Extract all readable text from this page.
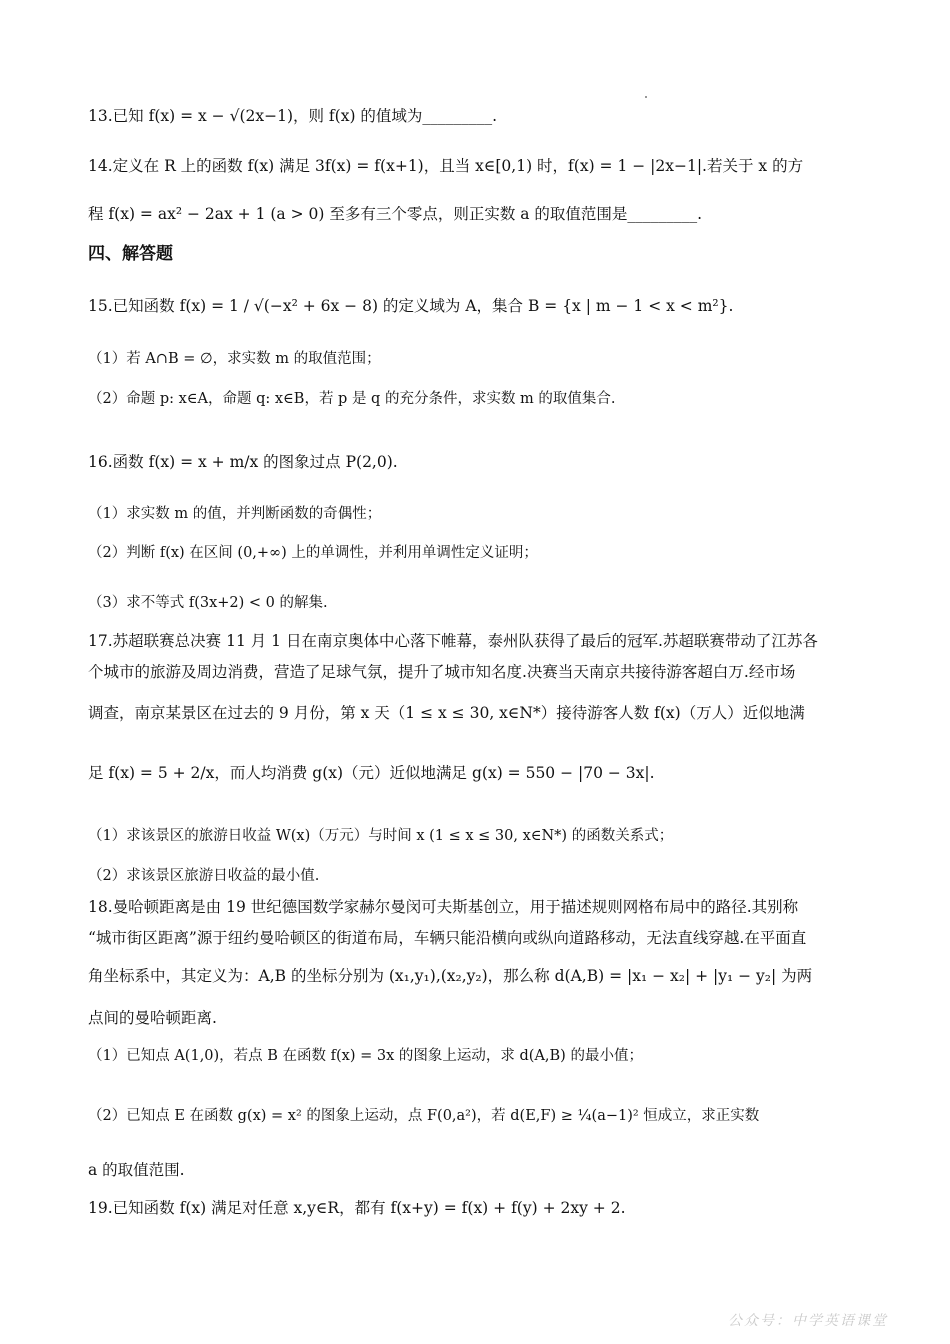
13.已知 f(x) = x − √(2x−1)，则 f(x) 的值域为_________.
14.定义在 R 上的函数 f(x) 满足 3f(x) = f(x+1)，且当 x∈[0,1) 时，f(x) = 1 − |2x−1|.若关于 x 的方
程 f(x) = ax² − 2ax + 1 (a > 0) 至多有三个零点，则正实数 a 的取值范围是_________.
四、解答题
15.已知函数 f(x) = 1 / √(−x² + 6x − 8) 的定义域为 A，集合 B = {x | m − 1 < x < m²}.
（1）若 A∩B = ∅，求实数 m 的取值范围；
（2）命题 p: x∈A，命题 q: x∈B，若 p 是 q 的充分条件，求实数 m 的取值集合.
16.函数 f(x) = x + m/x 的图象过点 P(2,0).
（1）求实数 m 的值，并判断函数的奇偶性；
（2）判断 f(x) 在区间 (0,+∞) 上的单调性，并利用单调性定义证明；
（3）求不等式 f(3x+2) < 0 的解集.
17.苏超联赛总决赛 11 月 1 日在南京奥体中心落下帷幕，泰州队获得了最后的冠军.苏超联赛带动了江苏各
个城市的旅游及周边消费，营造了足球气氛，提升了城市知名度.决赛当天南京共接待游客超白万.经市场
调查，南京某景区在过去的 9 月份，第 x 天（1 ≤ x ≤ 30, x∈N*）接待游客人数 f(x)（万人）近似地满
足 f(x) = 5 + 2/x，而人均消费 g(x)（元）近似地满足 g(x) = 550 − |70 − 3x|.
（1）求该景区的旅游日收益 W(x)（万元）与时间 x (1 ≤ x ≤ 30, x∈N*) 的函数关系式；
（2）求该景区旅游日收益的最小值.
18.曼哈顿距离是由 19 世纪德国数学家赫尔曼闵可夫斯基创立，用于描述规则网格布局中的路径.其别称
“城市街区距离”源于纽约曼哈顿区的街道布局，车辆只能沿横向或纵向道路移动，无法直线穿越.在平面直
角坐标系中，其定义为：A,B 的坐标分别为 (x₁,y₁),(x₂,y₂)，那么称 d(A,B) = |x₁ − x₂| + |y₁ − y₂| 为两
点间的曼哈顿距离.
（1）已知点 A(1,0)，若点 B 在函数 f(x) = 3x 的图象上运动，求 d(A,B) 的最小值；
（2）已知点 E 在函数 g(x) = x² 的图象上运动，点 F(0,a²)，若 d(E,F) ≥ ¼(a−1)² 恒成立，求正实数
a 的取值范围.
19.已知函数 f(x) 满足对任意 x,y∈R，都有 f(x+y) = f(x) + f(y) + 2xy + 2.
公众号：中学英语课堂
